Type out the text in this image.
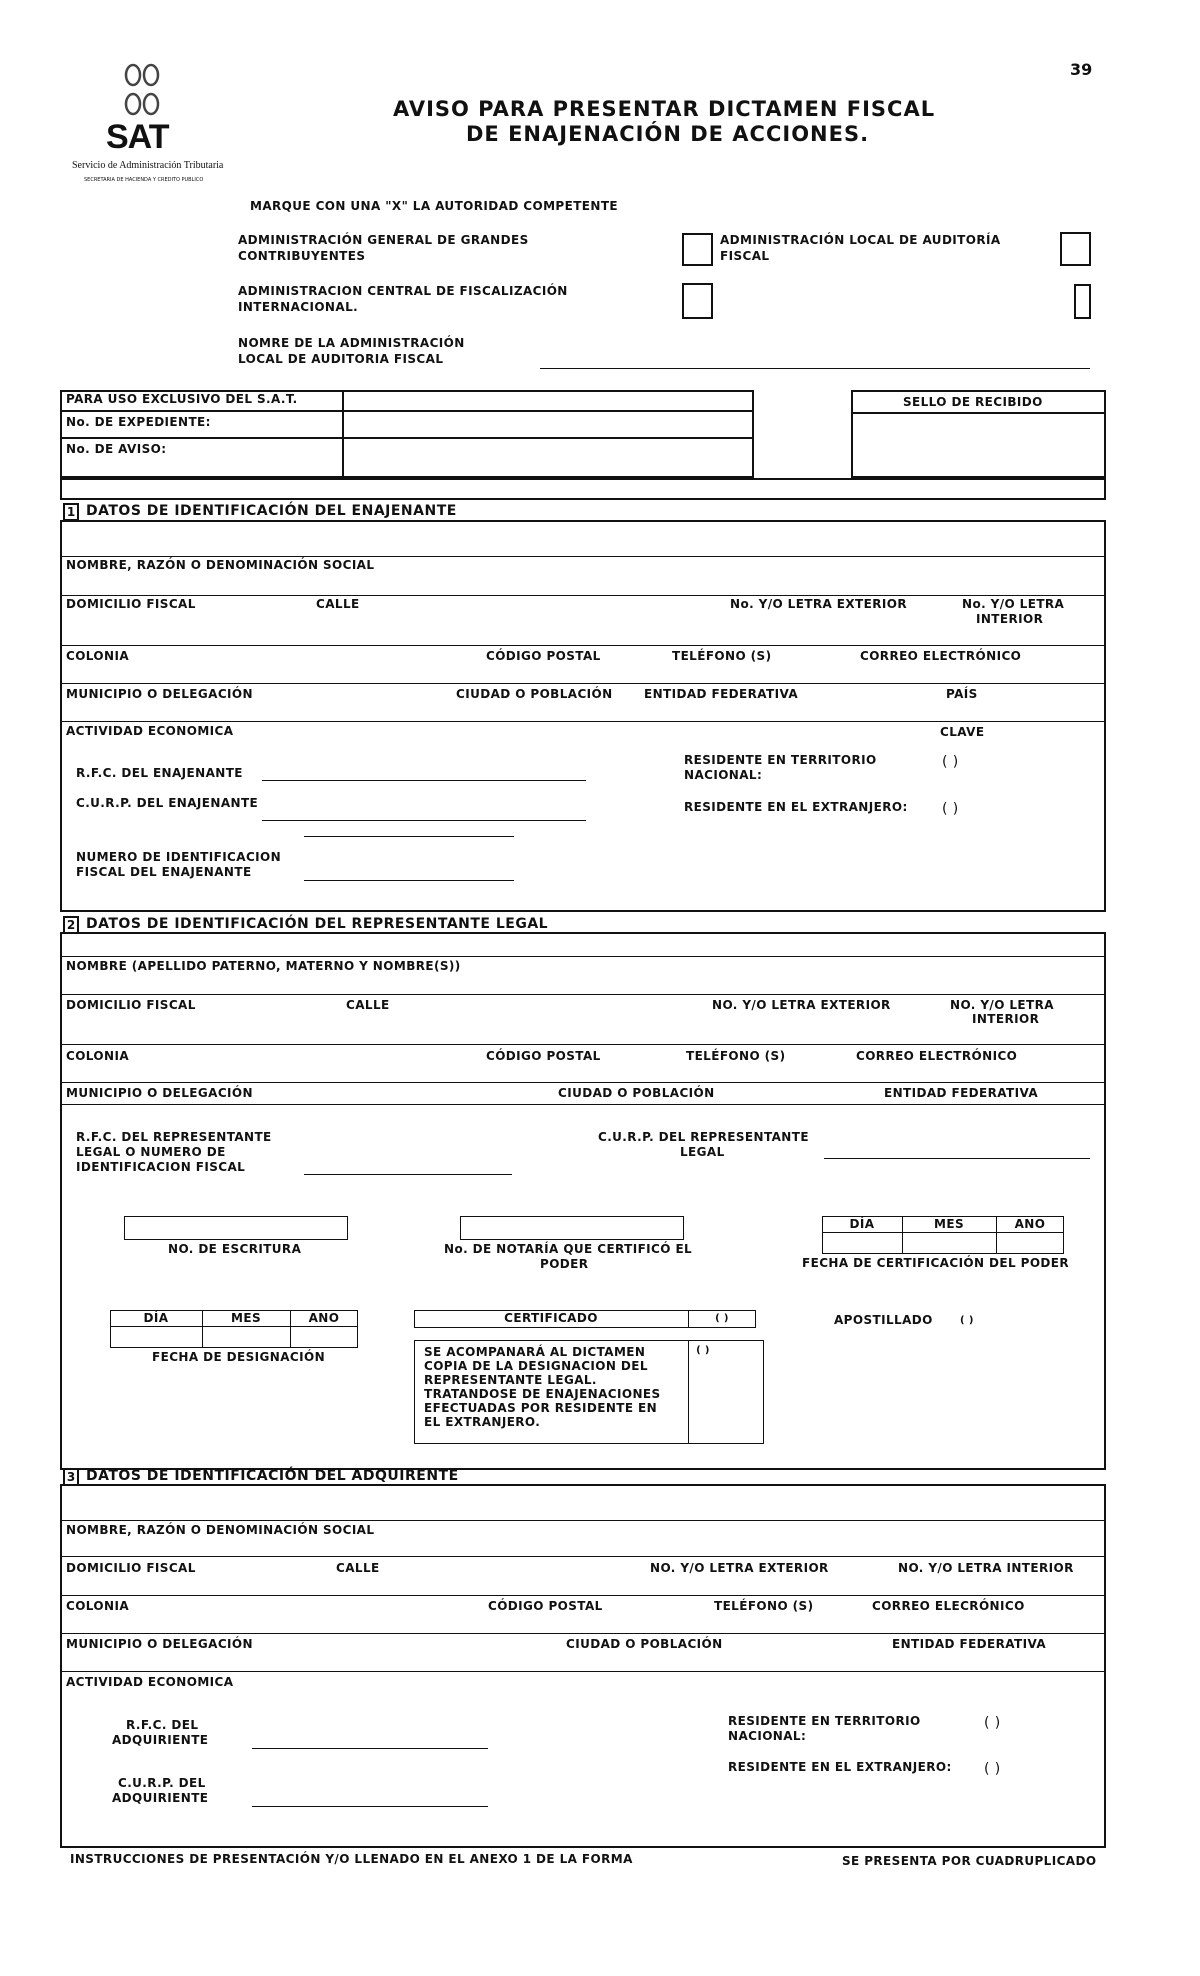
39
SAT
Servicio de Administración Tributaria
SECRETARIA DE HACIENDA Y CREDITO PUBLICO
AVISO PARA PRESENTAR DICTAMEN FISCAL
DE ENAJENACIÓN DE ACCIONES.
MARQUE CON UNA "X" LA AUTORIDAD COMPETENTE
ADMINISTRACIÓN GENERAL DE GRANDES
CONTRIBUYENTES
ADMINISTRACIÓN LOCAL DE AUDITORÍA
FISCAL
ADMINISTRACION CENTRAL DE FISCALIZACIÓN
INTERNACIONAL.
NOMRE DE LA ADMINISTRACIÓN
LOCAL DE AUDITORIA FISCAL
PARA USO EXCLUSIVO DEL S.A.T.
No. DE EXPEDIENTE:
No. DE AVISO:
SELLO DE RECIBIDO
1 DATOS DE IDENTIFICACIÓN DEL ENAJENANTE
NOMBRE, RAZÓN O DENOMINACIÓN SOCIAL
DOMICILIO FISCAL	CALLE	No. Y/O LETRA EXTERIOR	No. Y/O LETRA
INTERIOR
COLONIA	CÓDIGO POSTAL	TELÉFONO (S)	CORREO ELECTRÓNICO
MUNICIPIO O DELEGACIÓN	CIUDAD O POBLACIÓN	ENTIDAD FEDERATIVA	PAÍS
ACTIVIDAD ECONOMICA	CLAVE
R.F.C. DEL ENAJENANTE
C.U.R.P. DEL ENAJENANTE
RESIDENTE EN TERRITORIO
NACIONAL:
( )
RESIDENTE EN EL EXTRANJERO: ( )
NUMERO DE IDENTIFICACION
FISCAL DEL ENAJENANTE
2 DATOS DE IDENTIFICACIÓN DEL REPRESENTANTE LEGAL
NOMBRE (APELLIDO PATERNO, MATERNO Y NOMBRE(S))
DOMICILIO FISCAL	CALLE	NO. Y/O LETRA EXTERIOR	NO. Y/O LETRA
INTERIOR
COLONIA	CÓDIGO POSTAL	TELÉFONO (S)	CORREO ELECTRÓNICO
MUNICIPIO O DELEGACIÓN	CIUDAD O POBLACIÓN	ENTIDAD FEDERATIVA
R.F.C. DEL REPRESENTANTE
LEGAL O NUMERO DE
IDENTIFICACION FISCAL
C.U.R.P. DEL REPRESENTANTE
LEGAL
NO. DE ESCRITURA	No. DE NOTARÍA QUE CERTIFICÓ EL
PODER
DÍA	MES	ANO
FECHA DE CERTIFICACIÓN DEL PODER
DÍA	MES	ANO
FECHA DE DESIGNACIÓN
CERTIFICADO	( )
( )
SE ACOMPANARÁ AL DICTAMEN
COPIA DE LA DESIGNACION DEL
REPRESENTANTE LEGAL.
TRATANDOSE DE ENAJENACIONES
EFECTUADAS POR RESIDENTE EN
EL EXTRANJERO.
APOSTILLADO	( )
3 DATOS DE IDENTIFICACIÓN DEL ADQUIRENTE
NOMBRE, RAZÓN O DENOMINACIÓN SOCIAL
DOMICILIO FISCAL	CALLE	NO. Y/O LETRA EXTERIOR	NO. Y/O LETRA INTERIOR
COLONIA	CÓDIGO POSTAL	TELÉFONO (S)	CORREO ELECRÓNICO
MUNICIPIO O DELEGACIÓN	CIUDAD O POBLACIÓN	ENTIDAD FEDERATIVA
ACTIVIDAD ECONOMICA
R.F.C. DEL
ADQUIRIENTE
C.U.R.P. DEL
ADQUIRIENTE
RESIDENTE EN TERRITORIO
NACIONAL:
( )
RESIDENTE EN EL EXTRANJERO: ( )
INSTRUCCIONES DE PRESENTACIÓN Y/O LLENADO EN EL ANEXO 1 DE LA FORMA	SE PRESENTA POR CUADRUPLICADO
